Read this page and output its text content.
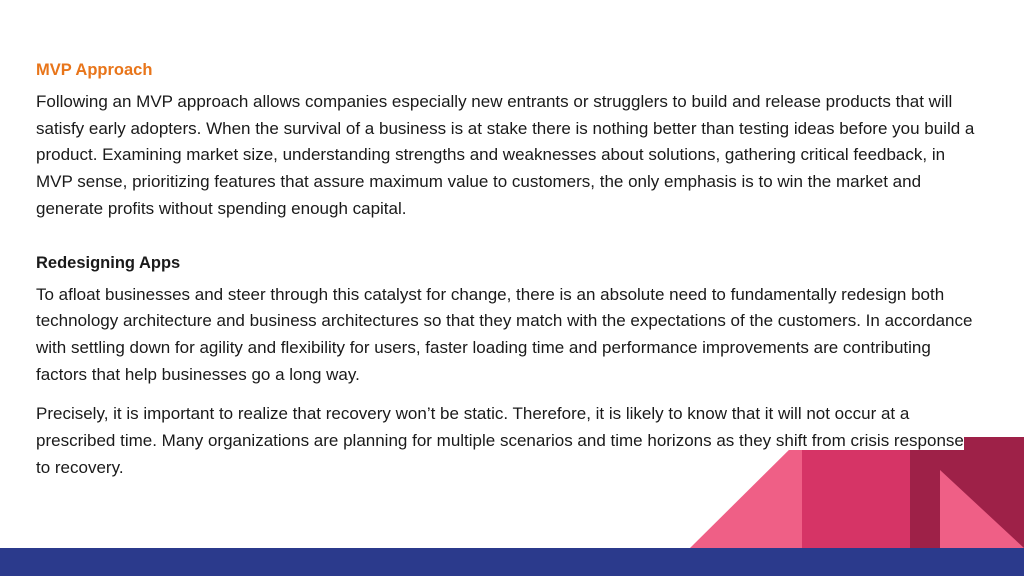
MVP Approach

Following an MVP approach allows companies especially new entrants or strugglers to build and release products that will satisfy early adopters. When the survival of a business is at stake there is nothing better than testing ideas before you build a product. Examining market size, understanding strengths and weaknesses about solutions, gathering critical feedback, in MVP sense, prioritizing features that assure maximum value to customers, the only emphasis is to win the market and generate profits without spending enough capital.

Redesigning Apps

To afloat businesses and steer through this catalyst for change, there is an absolute need to fundamentally redesign both technology architecture and business architectures so that they match with the expectations of the customers. In accordance with settling down for agility and flexibility for users, faster loading time and performance improvements are contributing factors that help businesses go a long way.

Precisely, it is important to realize that recovery won’t be static. Therefore, it is likely to know that it will not occur at a prescribed time. Many organizations are planning for multiple scenarios and time horizons as they shift from crisis response to recovery.
